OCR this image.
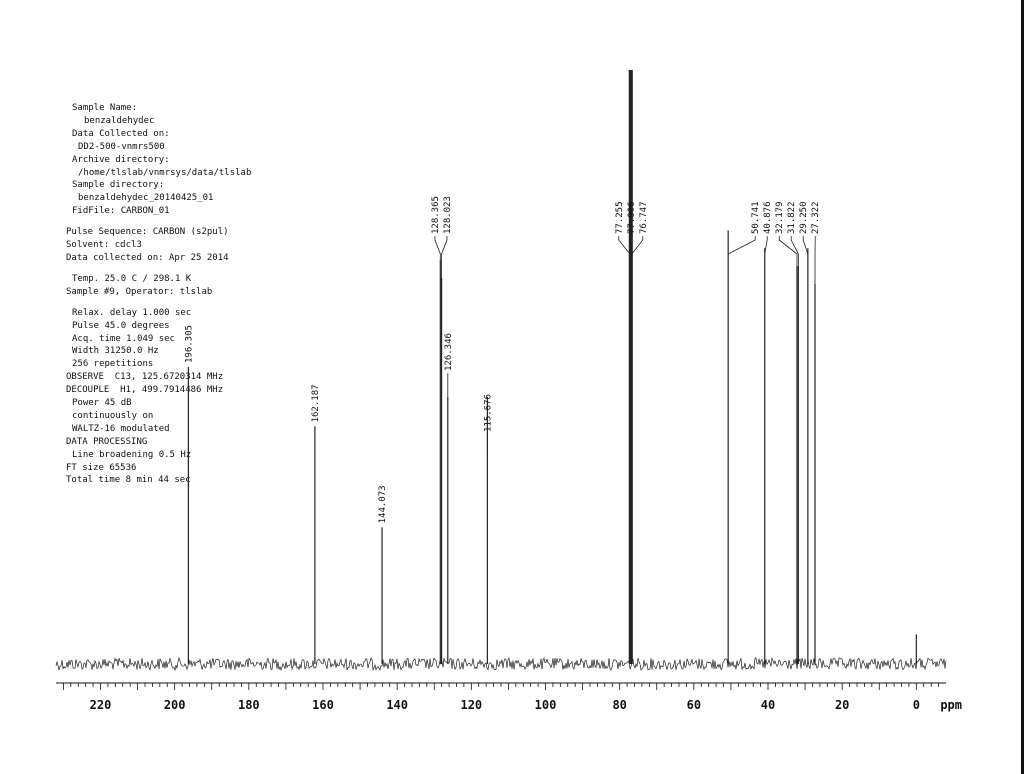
Sample Name:
benzaldehydec
Data Collected on:
DD2-500-vnmrs500
Archive directory:
/home/tlslab/vnmrsys/data/tlslab
Sample directory:
benzaldehydec_20140425_01
FidFile: CARBON_01
Pulse Sequence: CARBON (s2pul)
Solvent: cdcl3
Data collected on: Apr 25 2014
Temp. 25.0 C / 298.1 K
Sample #9, Operator: tlslab
Relax. delay 1.000 sec
Pulse 45.0 degrees
Acq. time 1.049 sec
Width 31250.0 Hz
256 repetitions
OBSERVE  C13, 125.6720314 MHz
DECOUPLE  H1, 499.7914486 MHz
Power 45 dB
continuously on
WALTZ-16 modulated
DATA PROCESSING
Line broadening 0.5 Hz
FT size 65536
Total time 8 min 44 sec
196.305
162.187
144.073
128.365 128.023
126.346
115.676
77.255 77.006 76.747	50.741 40.876 32.179 31.822 29.250 27.322
220	200	180	160	140	120	100	80	60	40	20	0 ppm
